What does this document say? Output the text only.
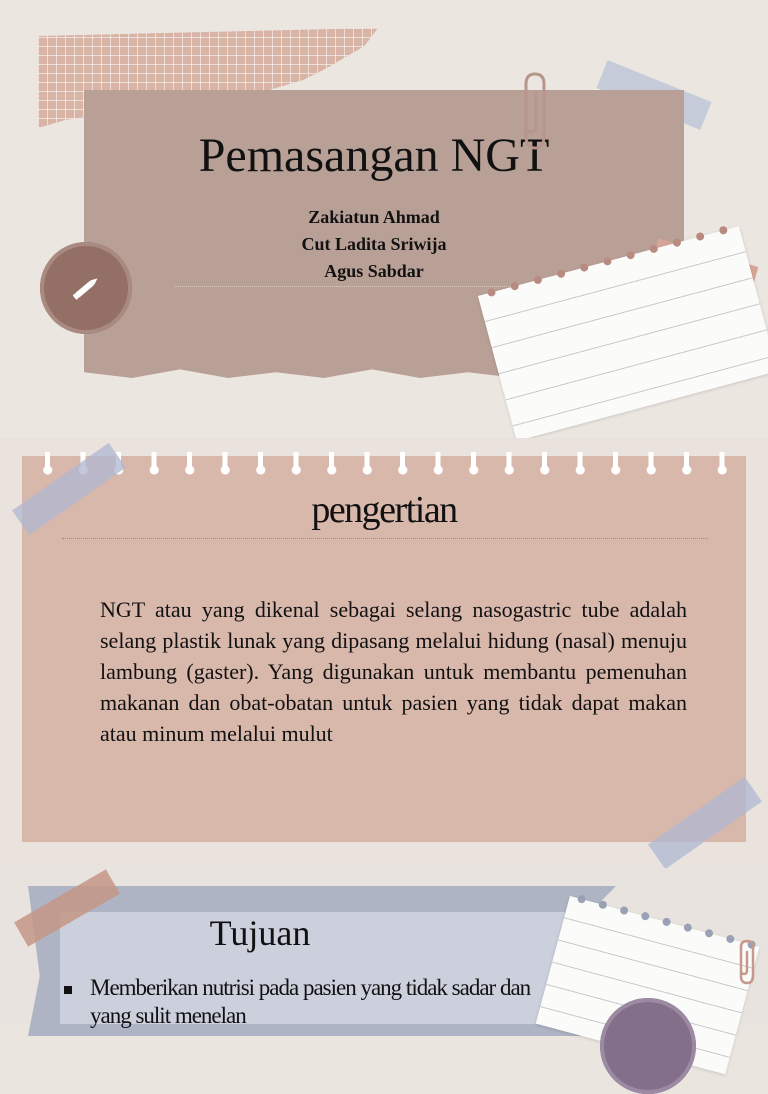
Pemasangan NGT
Zakiatun Ahmad
Cut Ladita Sriwija
Agus Sabdar
pengertian

NGT atau yang dikenal sebagai selang nasogastric tube adalah selang plastik lunak yang dipasang melalui hidung (nasal) menuju lambung (gaster). Yang digunakan untuk membantu pemenuhan makanan dan obat-obatan untuk pasien yang tidak dapat makan atau minum melalui mulut

Tujuan
Memberikan nutrisi pada pasien yang tidak sadar dan yang sulit menelan
